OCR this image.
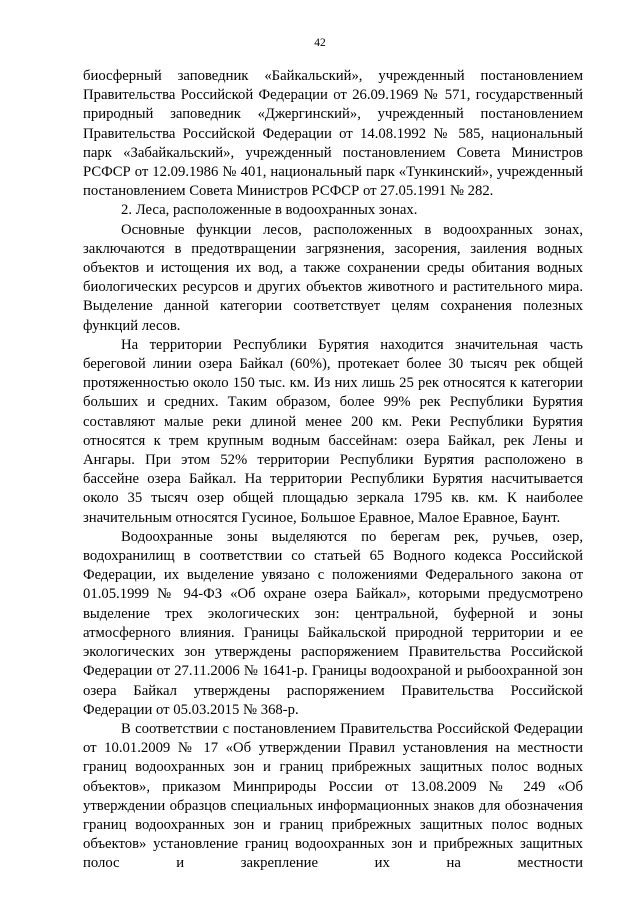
42

биосферный заповедник «Байкальский», учрежденный постановлением Правительства Российской Федерации от 26.09.1969 № 571, государственный природный заповедник «Джергинский», учрежденный постановлением Правительства Российской Федерации от 14.08.1992 № 585, национальный парк «Забайкальский», учрежденный постановлением Совета Министров РСФСР от 12.09.1986 № 401, национальный парк «Тункинский», учрежденный постановлением Совета Министров РСФСР от 27.05.1991 № 282.

2. Леса, расположенные в водоохранных зонах.

Основные функции лесов, расположенных в водоохранных зонах, заключаются в предотвращении загрязнения, засорения, заиления водных объектов и истощения их вод, а также сохранении среды обитания водных биологических ресурсов и других объектов животного и растительного мира. Выделение данной категории соответствует целям сохранения полезных функций лесов.

На территории Республики Бурятия находится значительная часть береговой линии озера Байкал (60%), протекает более 30 тысяч рек общей протяженностью около 150 тыс. км. Из них лишь 25 рек относятся к категории больших и средних. Таким образом, более 99% рек Республики Бурятия составляют малые реки длиной менее 200 км. Реки Республики Бурятия относятся к трем крупным водным бассейнам: озера Байкал, рек Лены и Ангары. При этом 52% территории Республики Бурятия расположено в бассейне озера Байкал. На территории Республики Бурятия насчитывается около 35 тысяч озер общей площадью зеркала 1795 кв. км. К наиболее значительным относятся Гусиное, Большое Еравное, Малое Еравное, Баунт.

Водоохранные зоны выделяются по берегам рек, ручьев, озер, водохранилищ в соответствии со статьей 65 Водного кодекса Российской Федерации, их выделение увязано с положениями Федерального закона от 01.05.1999 № 94-ФЗ «Об охране озера Байкал», которыми предусмотрено выделение трех экологических зон: центральной, буферной и зоны атмосферного влияния. Границы Байкальской природной территории и ее экологических зон утверждены распоряжением Правительства Российской Федерации от 27.11.2006 № 1641-р. Границы водоохраной и рыбоохранной зон озера Байкал утверждены распоряжением Правительства Российской Федерации от 05.03.2015 № 368-р.

В соответствии с постановлением Правительства Российской Федерации от 10.01.2009 № 17 «Об утверждении Правил установления на местности границ водоохранных зон и границ прибрежных защитных полос водных объектов», приказом Минприроды России от 13.08.2009 № 249 «Об утверждении образцов специальных информационных знаков для обозначения границ водоохранных зон и границ прибрежных защитных полос водных объектов» установление границ водоохранных зон и прибрежных защитных полос и закрепление их на местности
